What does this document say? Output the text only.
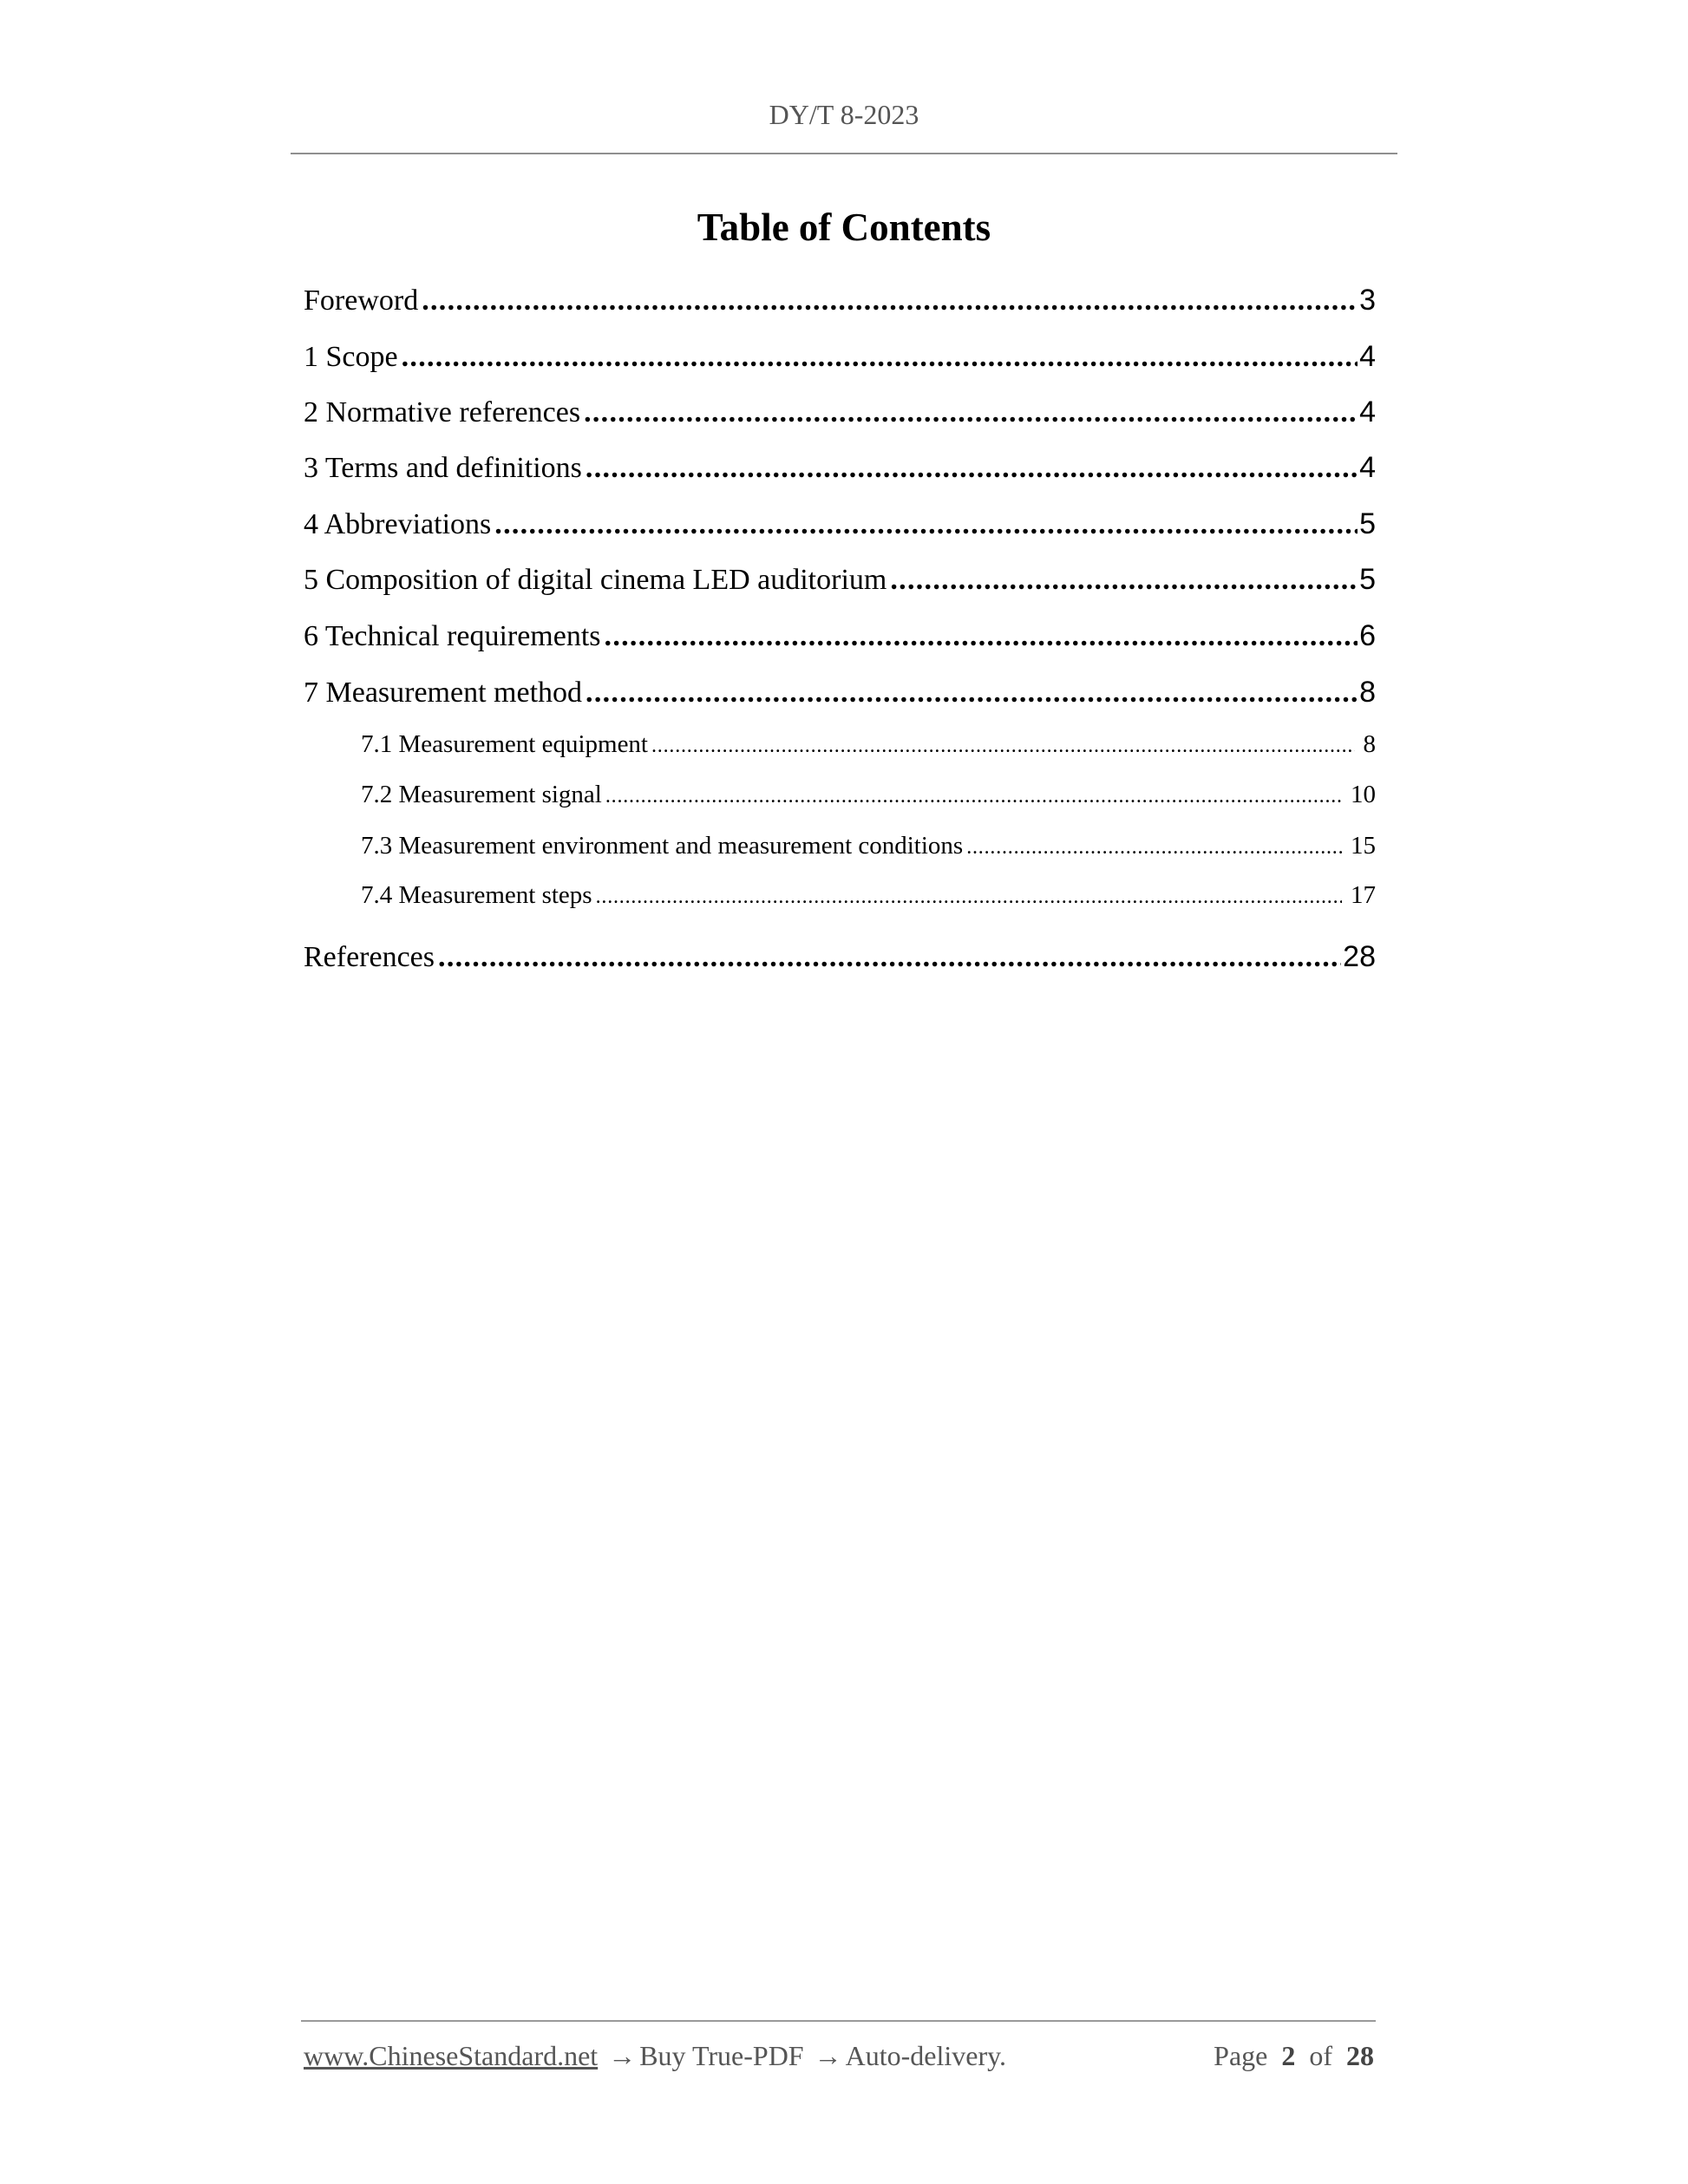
DY/T 8-2023
Table of Contents
Foreword .....	3
1 Scope .....	4
2 Normative references .....	4
3 Terms and definitions .....	4
4 Abbreviations .....	5
5 Composition of digital cinema LED auditorium .....	5
6 Technical requirements .....	6
7 Measurement method .....	8
7.1 Measurement equipment .....	8
7.2 Measurement signal .....	10
7.3 Measurement environment and measurement conditions .....	15
7.4 Measurement steps .....	17
References .....	28
www.ChineseStandard.net → Buy True-PDF → Auto-delivery.	Page 2 of 28
